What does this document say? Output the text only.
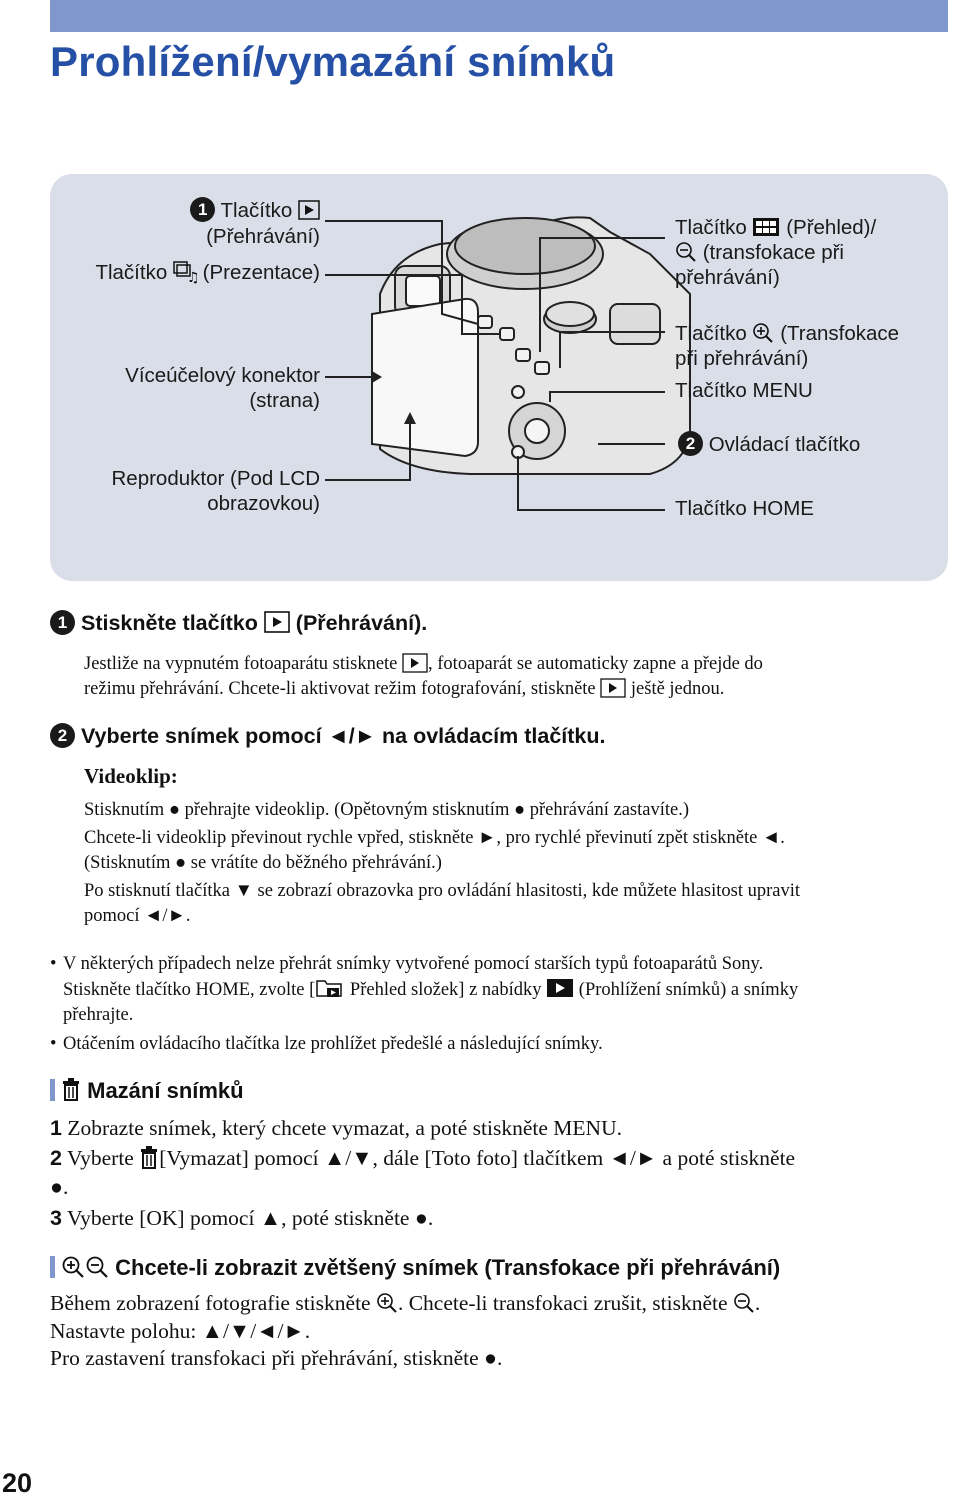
Prohlížení/vymazání snímků
1 Tlačítko
(Přehrávání)
Tlačítko ♫ (Prezentace)
Víceúčelový konektor
(strana)
Reproduktor (Pod LCD
obrazovkou)
Tlačítko (Přehled)/
(transfokace při
přehrávání)
Tlačítko (Transfokace
při přehrávání)
Tlačítko MENU
2 Ovládací tlačítko
Tlačítko HOME
1 Stiskněte tlačítko (Přehrávání).
Jestliže na vypnutém fotoaparátu stisknete , fotoaparát se automaticky zapne a přejde do
režimu přehrávání. Chcete-li aktivovat režim fotografování, stiskněte ještě jednou.
2 Vyberte snímek pomocí ◄/► na ovládacím tlačítku.
Videoklip:
Stisknutím ● přehrajte videoklip. (Opětovným stisknutím ● přehrávání zastavíte.)
Chcete-li videoklip převinout rychle vpřed, stiskněte ►, pro rychlé převinutí zpět stiskněte ◄.
(Stisknutím ● se vrátíte do běžného přehrávání.)
Po stisknutí tlačítka ▼ se zobrazí obrazovka pro ovládání hlasitosti, kde můžete hlasitost upravit
pomocí ◄/►.
• V některých případech nelze přehrát snímky vytvořené pomocí starších typů fotoaparátů Sony.
Stiskněte tlačítko HOME, zvolte [ Přehled složek] z nabídky (Prohlížení snímků) a snímky
přehrajte.
• Otáčením ovládacího tlačítka lze prohlížet předešlé a následující snímky.
Mazání snímků
1 Zobrazte snímek, který chcete vymazat, a poté stiskněte MENU.
2 Vyberte [Vymazat] pomocí ▲/▼, dále [Toto foto] tlačítkem ◄/► a poté stiskněte
●.
3 Vyberte [OK] pomocí ▲, poté stiskněte ●.
Chcete-li zobrazit zvětšený snímek (Transfokace při přehrávání)
Během zobrazení fotografie stiskněte . Chcete-li transfokaci zrušit, stiskněte .
Nastavte polohu: ▲/▼/◄/►.
Pro zastavení transfokaci při přehrávání, stiskněte ●.
20
